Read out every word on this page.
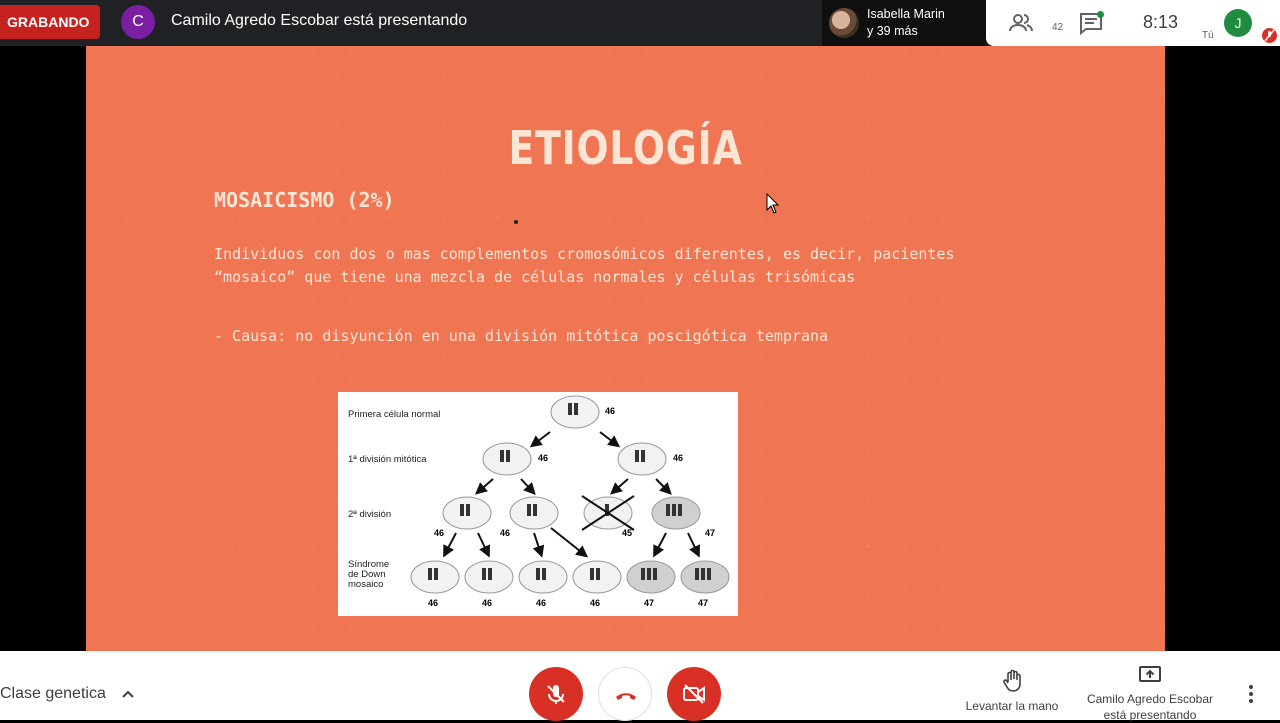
GRABANDO	C	Camilo Agredo Escobar está presentando	Isabella Marin
y 39 más	42	8:13
Tú
J
ETIOLOGÍA
MOSAICISMO (2%)
Individuos con dos o mas complementos cromosómicos diferentes, es decir, pacientes “mosaico” que tiene una mezcla de células normales y células trisómicas
- Causa: no disyunción en una división mitótica poscigótica temprana
Primera célula normal
1ª división mitótica
2ª división
Síndrome
de Down
mosaico
46
46	46
46	46	45	47
46	46	46	46	47	47
Clase genetica
Levantar la mano	Camilo Agredo Escobar
está presentando
